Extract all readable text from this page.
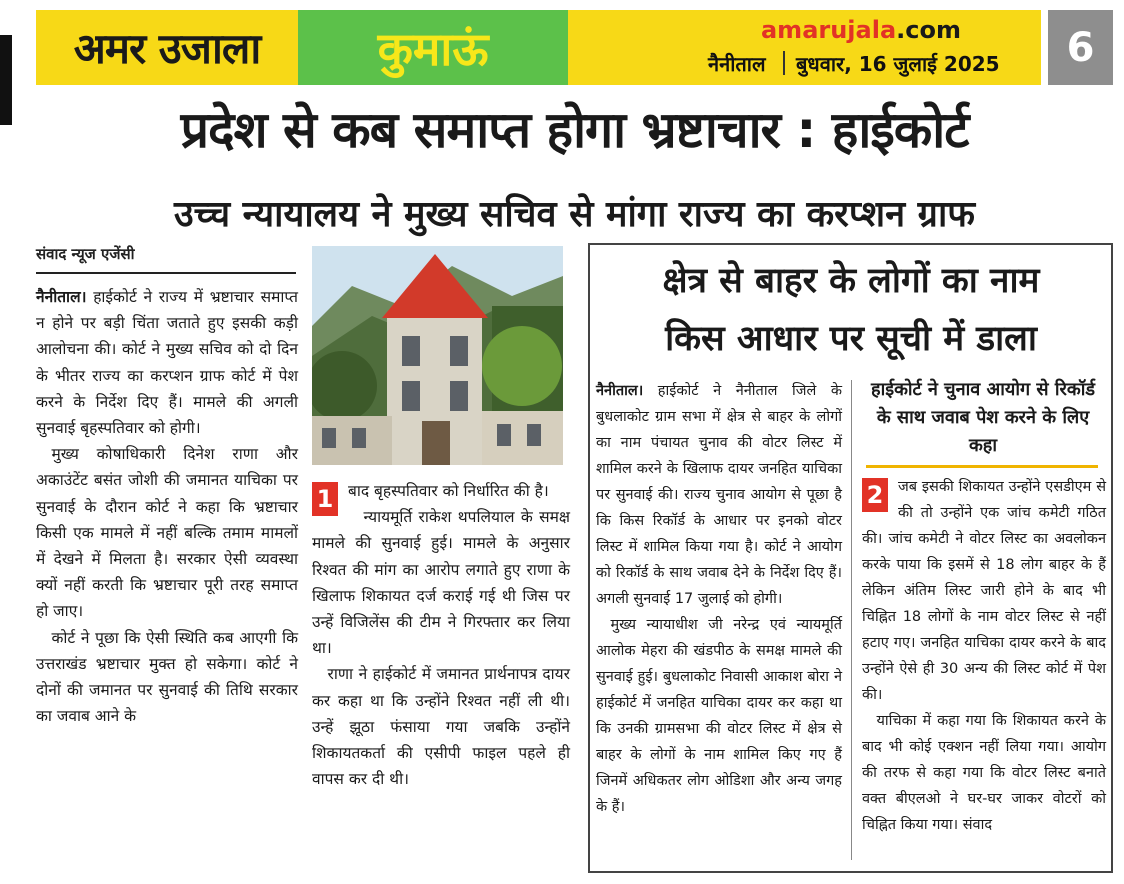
अमर उजाला	कुमाऊं	amarujala.com
नैनीताल बुधवार, 16 जुलाई 2025	6
प्रदेश से कब समाप्त होगा भ्रष्टाचार : हाईकोर्ट
उच्च न्यायालय ने मुख्य सचिव से मांगा राज्य का करप्शन ग्राफ
संवाद न्यूज एजेंसी

नैनीताल। हाईकोर्ट ने राज्य में भ्रष्टाचार समाप्त न होने पर बड़ी चिंता जताते हुए इसकी कड़ी आलोचना की। कोर्ट ने मुख्य सचिव को दो दिन के भीतर राज्य का करप्शन ग्राफ कोर्ट में पेश करने के निर्देश दिए हैं। मामले की अगली सुनवाई बृहस्पतिवार को होगी।

मुख्य कोषाधिकारी दिनेश राणा और अकाउंटेंट बसंत जोशी की जमानत याचिका पर सुनवाई के दौरान कोर्ट ने कहा कि भ्रष्टाचार किसी एक मामले में नहीं बल्कि तमाम मामलों में देखने में मिलता है। सरकार ऐसी व्यवस्था क्यों नहीं करती कि भ्रष्टाचार पूरी तरह समाप्त हो जाए।

कोर्ट ने पूछा कि ऐसी स्थिति कब आएगी कि उत्तराखंड भ्रष्टाचार मुक्त हो सकेगा। कोर्ट ने दोनों की जमानत पर सुनवाई की तिथि सरकार का जवाब आने के

1 बाद बृहस्पतिवार को निर्धारित की है।

न्यायमूर्ति राकेश थपलियाल के समक्ष मामले की सुनवाई हुई। मामले के अनुसार रिश्वत की मांग का आरोप लगाते हुए राणा के खिलाफ शिकायत दर्ज कराई गई थी जिस पर उन्हें विजिलेंस की टीम ने गिरफ्तार कर लिया था।

राणा ने हाईकोर्ट में जमानत प्रार्थनापत्र दायर कर कहा था कि उन्होंने रिश्वत नहीं ली थी। उन्हें झूठा फंसाया गया जबकि उन्होंने शिकायतकर्ता की एसीपी फाइल पहले ही वापस कर दी थी।

क्षेत्र से बाहर के लोगों का नाम
किस आधार पर सूची में डाला

नैनीताल। हाईकोर्ट ने नैनीताल जिले के बुधलाकोट ग्राम सभा में क्षेत्र से बाहर के लोगों का नाम पंचायत चुनाव की वोटर लिस्ट में शामिल करने के खिलाफ दायर जनहित याचिका पर सुनवाई की। राज्य चुनाव आयोग से पूछा है कि किस रिकॉर्ड के आधार पर इनको वोटर लिस्ट में शामिल किया गया है। कोर्ट ने आयोग को रिकॉर्ड के साथ जवाब देने के निर्देश दिए हैं। अगली सुनवाई 17 जुलाई को होगी।

मुख्य न्यायाधीश जी नरेन्द्र एवं न्यायमूर्ति आलोक मेहरा की खंडपीठ के समक्ष मामले की सुनवाई हुई। बुधलाकोट निवासी आकाश बोरा ने हाईकोर्ट में जनहित याचिका दायर कर कहा था कि उनकी ग्रामसभा की वोटर लिस्ट में क्षेत्र से बाहर के लोगों के नाम शामिल किए गए हैं जिनमें अधिकतर लोग ओडिशा और अन्य जगह के हैं।

हाईकोर्ट ने चुनाव आयोग से रिकॉर्ड के साथ जवाब पेश करने के लिए कहा
2	जब इसकी शिकायत उन्होंने एसडीएम से की तो उन्होंने एक जांच कमेटी गठित की। जांच कमेटी ने वोटर लिस्ट का अवलोकन करके पाया कि इसमें से 18 लोग बाहर के हैं लेकिन अंतिम लिस्ट जारी होने के बाद भी चिह्नित 18 लोगों के नाम वोटर लिस्ट से नहीं हटाए गए। जनहित याचिका दायर करने के बाद उन्होंने ऐसे ही 30 अन्य की लिस्ट कोर्ट में पेश की।

याचिका में कहा गया कि शिकायत करने के बाद भी कोई एक्शन नहीं लिया गया। आयोग की तरफ से कहा गया कि वोटर लिस्ट बनाते वक्त बीएलओ ने घर-घर जाकर वोटरों को चिह्नित किया गया। संवाद
